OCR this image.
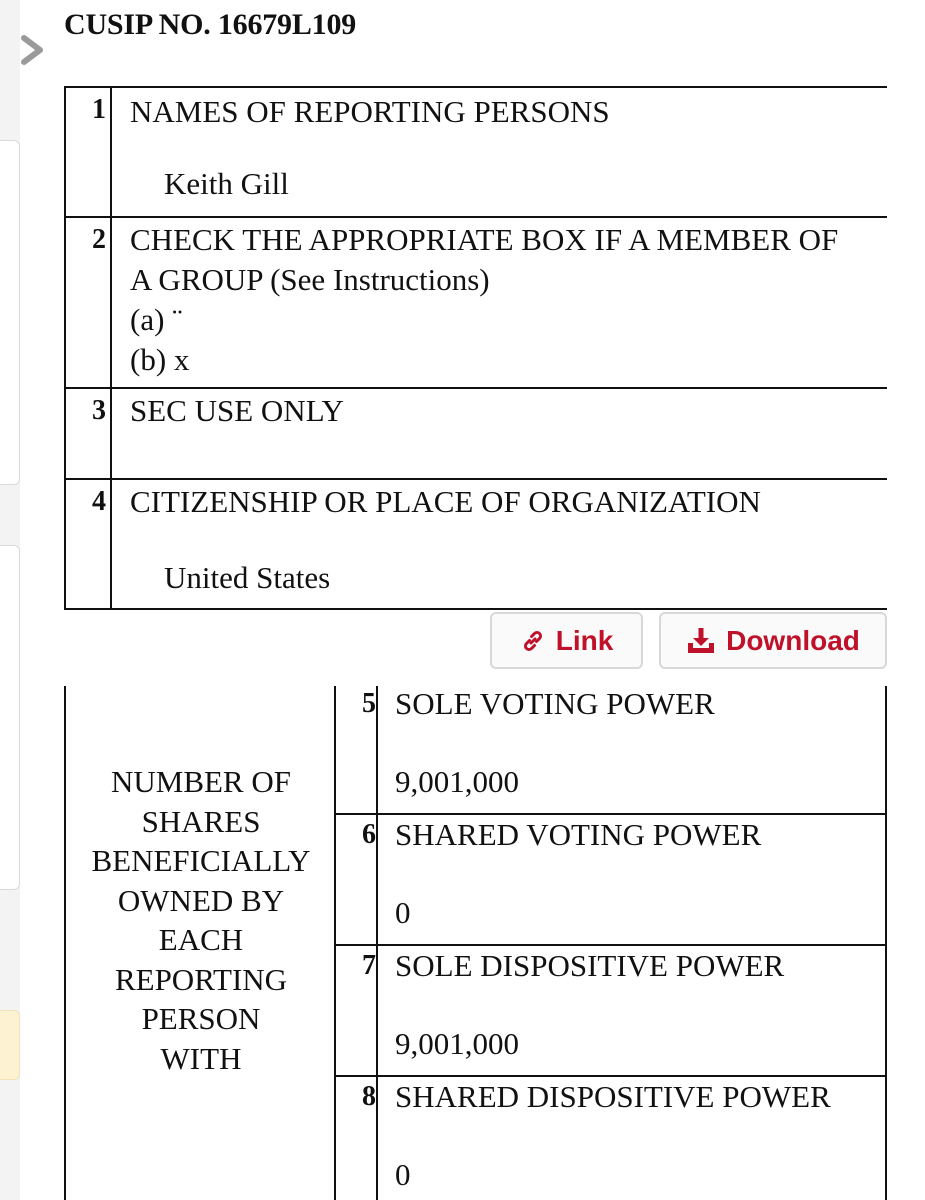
CUSIP NO. 16679L109
1 NAMES OF REPORTING PERSONS
Keith Gill
2 CHECK THE APPROPRIATE BOX IF A MEMBER OF
A GROUP (See Instructions)
(a) ¨
(b) x
3 SEC USE ONLY
4 CITIZENSHIP OR PLACE OF ORGANIZATION
United States
Link	Download
NUMBER OF
SHARES
BENEFICIALLY
OWNED BY
EACH
REPORTING
PERSON
WITH
5 SOLE VOTING POWER
9,001,000
6 SHARED VOTING POWER
0
7 SOLE DISPOSITIVE POWER
9,001,000
8 SHARED DISPOSITIVE POWER
0
